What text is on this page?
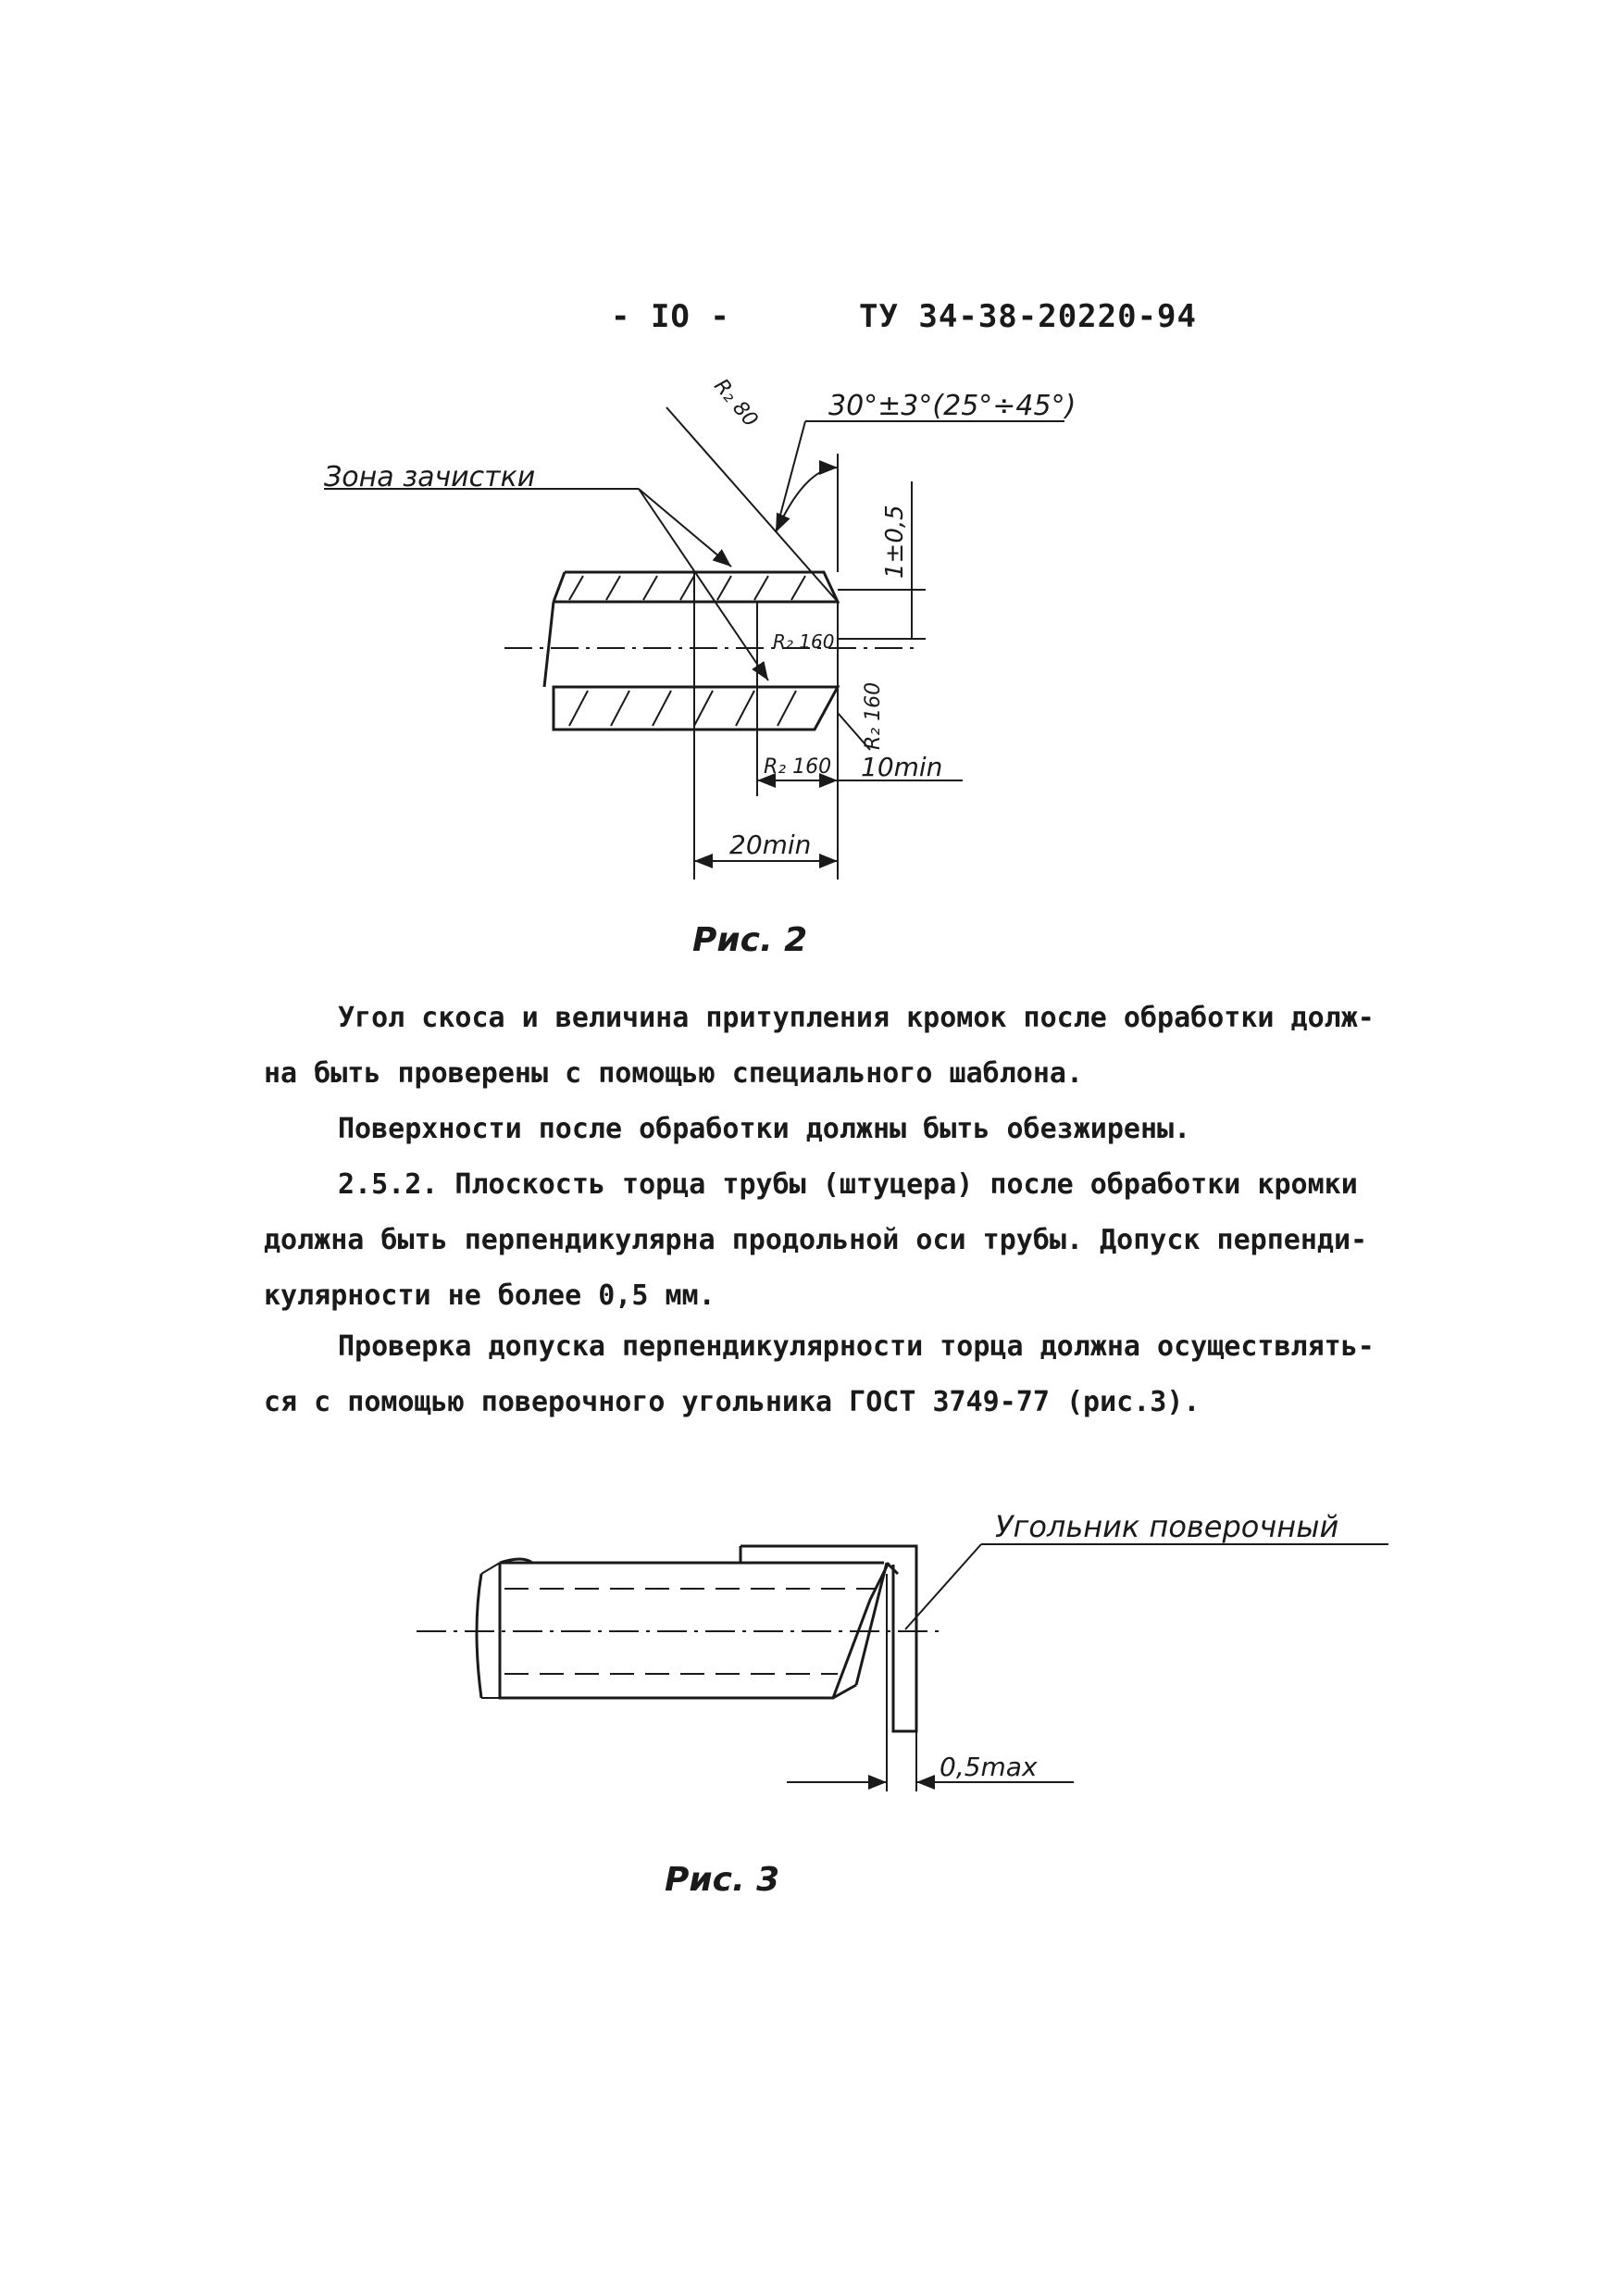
- IO -	ТУ 34-38-20220-94
Зона зачистки
30°±3°(25°÷45°)
R₂ 80
1±0,5
R₂ 160
R₂ 160
R₂ 160 10min
20min
Угольник поверочный
0,5max
Рис. 2
Угол скоса и величина притупления кромок после обработки долж-
на быть проверены с помощью специального шаблона.
Поверхности после обработки должны быть обезжирены.
2.5.2. Плоскость торца трубы (штуцера) после обработки кромки
должна быть перпендикулярна продольной оси трубы. Допуск перпенди-
кулярности не более 0,5 мм.
Проверка допуска перпендикулярности торца должна осуществлять-
ся с помощью поверочного угольника ГОСТ 3749-77 (рис.3).
Рис. 3
